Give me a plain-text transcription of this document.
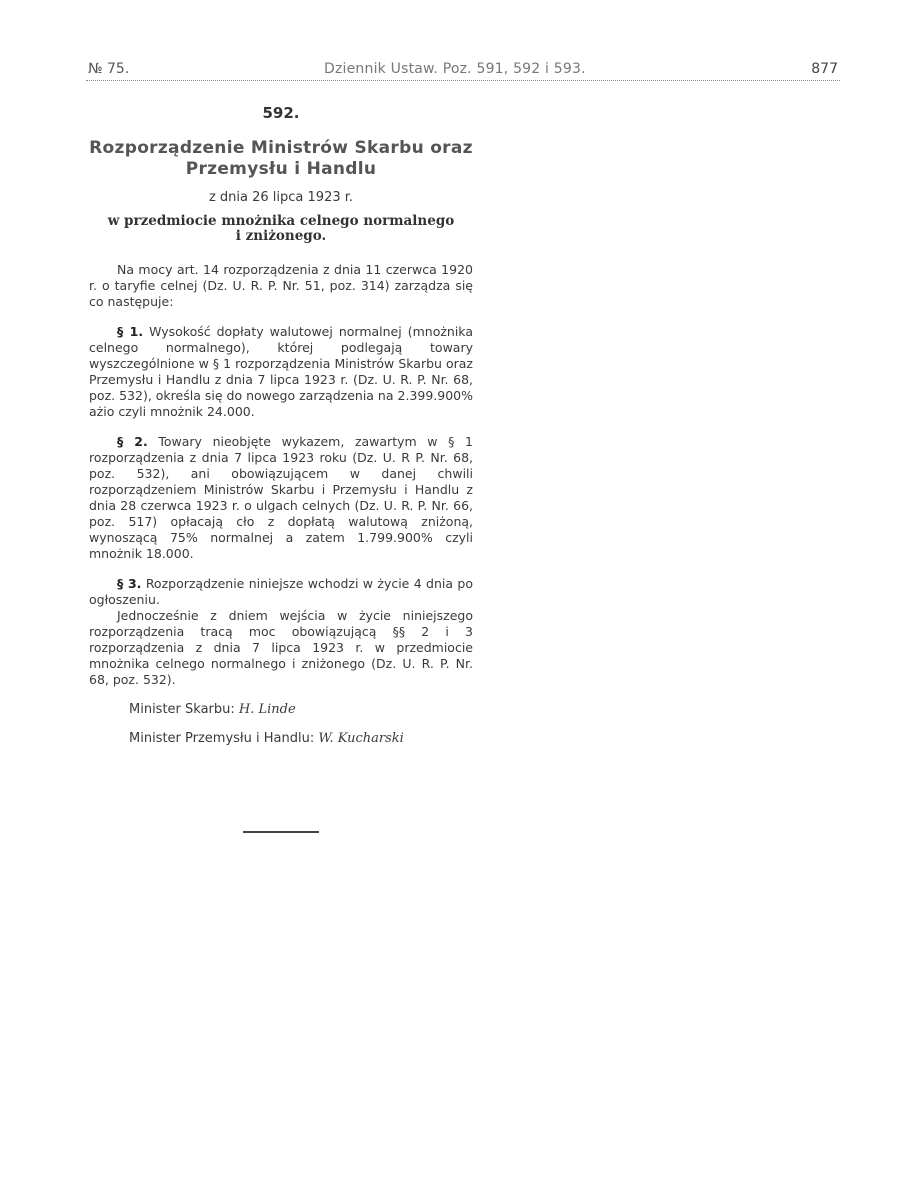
№ 75.	Dziennik Ustaw. Poz. 591, 592 i 593.	877
592.
Rozporządzenie Ministrów Skarbu oraz
Przemysłu i Handlu
z dnia 26 lipca 1923 r.
w przedmiocie mnożnika celnego normalnego
i zniżonego.

Na mocy art. 14 rozporządzenia z dnia 11 czerwca 1920 r. o taryfie celnej (Dz. U. R. P. Nr. 51, poz. 314) zarządza się co następuje:

§ 1. Wysokość dopłaty walutowej normalnej (mnożnika celnego normalnego), której podlegają towary wyszczególnione w § 1 rozporządzenia Ministrów Skarbu oraz Przemysłu i Handlu z dnia 7 lipca 1923 r. (Dz. U. R. P. Nr. 68, poz. 532), określa się do nowego zarządzenia na 2.399.900% ażio czyli mnożnik 24.000.

§ 2. Towary nieobjęte wykazem, zawartym w § 1 rozporządzenia z dnia 7 lipca 1923 roku (Dz. U. R P. Nr. 68, poz. 532), ani obowiązującem w danej chwili rozporządzeniem Ministrów Skarbu i Przemysłu i Handlu z dnia 28 czerwca 1923 r. o ulgach celnych (Dz. U. R. P. Nr. 66, poz. 517) opłacają cło z dopłatą walutową zniżoną, wynoszącą 75% normalnej a zatem 1.799.900% czyli mnożnik 18.000.

§ 3. Rozporządzenie niniejsze wchodzi w życie 4 dnia po ogłoszeniu.

Jednocześnie z dniem wejścia w życie niniejszego rozporządzenia tracą moc obowiązującą §§ 2 i 3 rozporządzenia z dnia 7 lipca 1923 r. w przedmiocie mnożnika celnego normalnego i zniżonego (Dz. U. R. P. Nr. 68, poz. 532).

Minister Skarbu: H. Linde
Minister Przemysłu i Handlu: W. Kucharski
